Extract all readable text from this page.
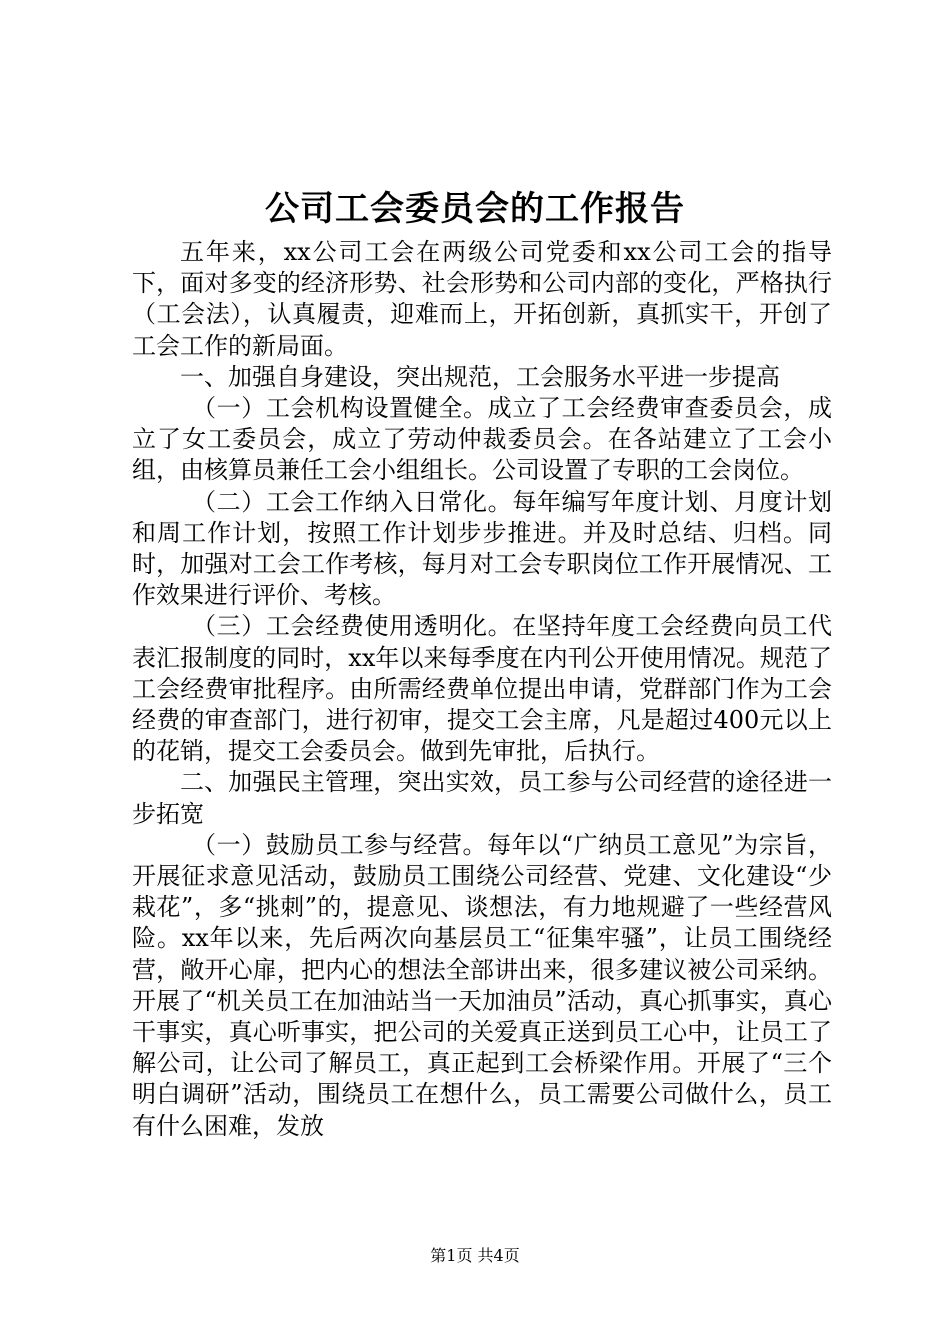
公司工会委员会的工作报告

五年来，xx公司工会在两级公司党委和xx公司工会的指导下，面对多变的经济形势、社会形势和公司内部的变化，严格执行（工会法），认真履责，迎难而上，开拓创新，真抓实干，开创了工会工作的新局面。

一、加强自身建设，突出规范，工会服务水平进一步提高

（一）工会机构设置健全。成立了工会经费审查委员会，成立了女工委员会，成立了劳动仲裁委员会。在各站建立了工会小组，由核算员兼任工会小组组长。公司设置了专职的工会岗位。

（二）工会工作纳入日常化。每年编写年度计划、月度计划和周工作计划，按照工作计划步步推进。并及时总结、归档。同时，加强对工会工作考核，每月对工会专职岗位工作开展情况、工作效果进行评价、考核。

（三）工会经费使用透明化。在坚持年度工会经费向员工代表汇报制度的同时，xx年以来每季度在内刊公开使用情况。规范了工会经费审批程序。由所需经费单位提出申请，党群部门作为工会经费的审查部门，进行初审，提交工会主席，凡是超过400元以上的花销，提交工会委员会。做到先审批，后执行。

二、加强民主管理，突出实效，员工参与公司经营的途径进一步拓宽

（一）鼓励员工参与经营。每年以“广纳员工意见”为宗旨，开展征求意见活动，鼓励员工围绕公司经营、党建、文化建设“少栽花”，多“挑刺”的，提意见、谈想法，有力地规避了一些经营风险。xx年以来，先后两次向基层员工“征集牢骚”，让员工围绕经营，敞开心扉，把内心的想法全部讲出来，很多建议被公司采纳。开展了“机关员工在加油站当一天加油员”活动，真心抓事实，真心干事实，真心听事实，把公司的关爱真正送到员工心中，让员工了解公司，让公司了解员工，真正起到工会桥梁作用。开展了“三个明白调研”活动，围绕员工在想什么，员工需要公司做什么，员工有什么困难，发放

第1页 共4页
